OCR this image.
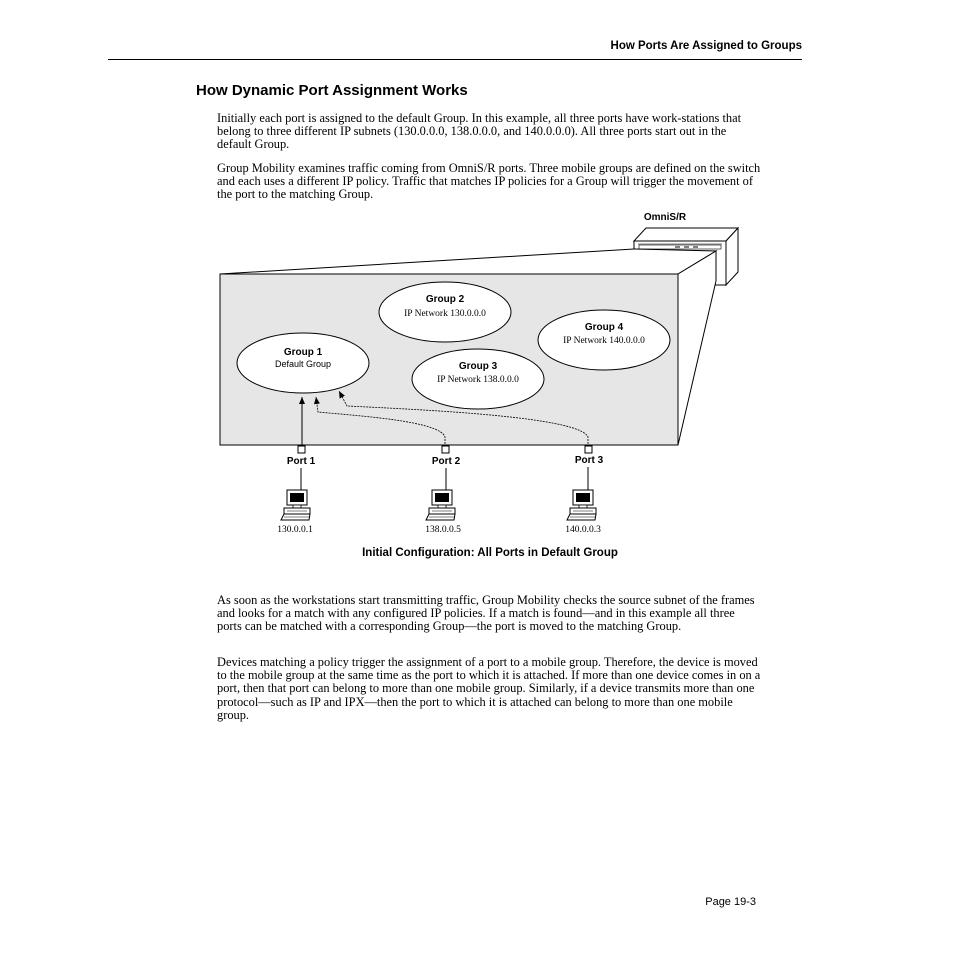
How Ports Are Assigned to Groups
How Dynamic Port Assignment Works

Initially each port is assigned to the default Group. In this example, all three ports have work-stations that belong to three different IP subnets (130.0.0.0, 138.0.0.0, and 140.0.0.0). All three ports start out in the default Group.

Group Mobility examines traffic coming from OmniS/R ports. Three mobile groups are defined on the switch and each uses a different IP policy. Traffic that matches IP policies for a Group will trigger the movement of the port to the matching Group.

OmniS/R
Group 1
Default Group
Group 2
IP Network 130.0.0.0
Group 3
IP Network 138.0.0.0
Group 4
IP Network 140.0.0.0
Port 1	Port 2	Port 3
130.0.0.1	138.0.0.5	140.0.0.3
Initial Configuration: All Ports in Default Group

As soon as the workstations start transmitting traffic, Group Mobility checks the source subnet of the frames and looks for a match with any configured IP policies. If a match is found—and in this example all three ports can be matched with a corresponding Group—the port is moved to the matching Group.

Devices matching a policy trigger the assignment of a port to a mobile group. Therefore, the device is moved to the mobile group at the same time as the port to which it is attached. If more than one device comes in on a port, then that port can belong to more than one mobile group. Similarly, if a device transmits more than one protocol—such as IP and IPX—then the port to which it is attached can belong to more than one mobile group.

Page 19-3
